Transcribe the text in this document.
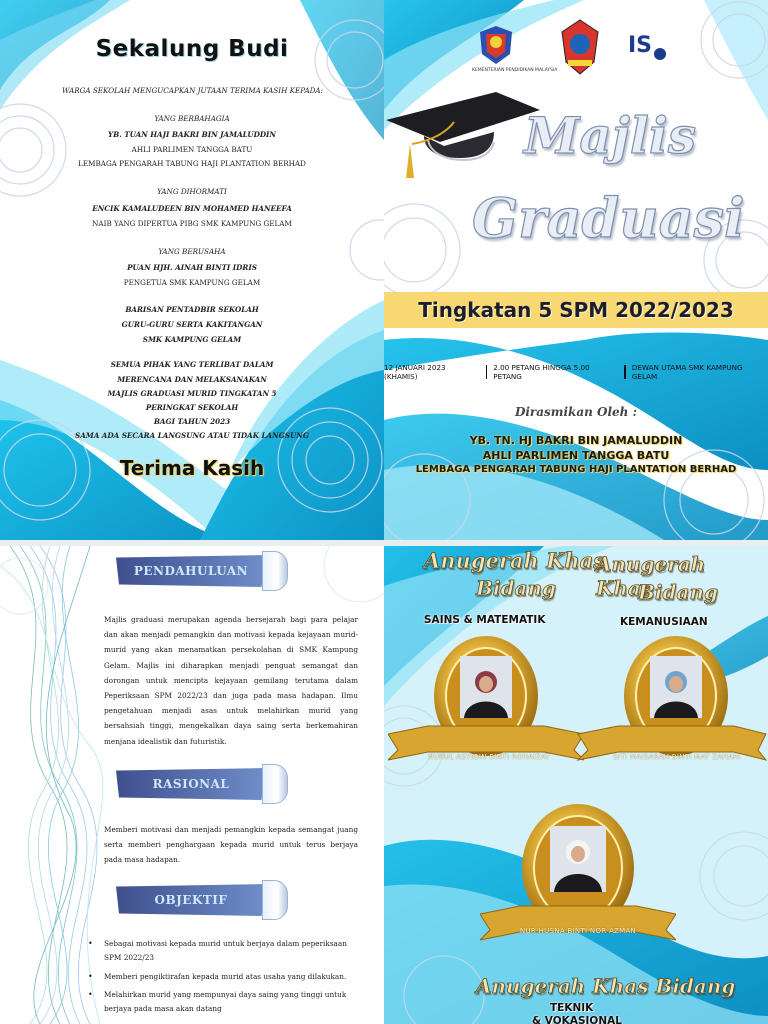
Sekalung Budi
WARGA SEKOLAH MENGUCAPKAN JUTAAN TERIMA KASIH KEPADA:
YANG BERBAHAGIA
YB. TUAN HAJI BAKRI BIN JAMALUDDIN
AHLI PARLIMEN TANGGA BATU
LEMBAGA PENGARAH TABUNG HAJI PLANTATION BERHAD
YANG DIHORMATI
ENCIK KAMALUDEEN BIN MOHAMED HANEEFA
NAIB YANG DIPERTUA PIBG SMK KAMPUNG GELAM
YANG BERUSAHA
PUAN HJH. AINAH BINTI IDRIS
PENGETUA SMK KAMPUNG GELAM
BARISAN PENTADBIR SEKOLAH
GURU-GURU SERTA KAKITANGAN
SMK KAMPUNG GELAM
SEMUA PIHAK YANG TERLIBAT DALAM
MERENCANA DAN MELAKSANAKAN
MAJLIS GRADUASI MURID TINGKATAN 5
PERINGKAT SEKOLAH
BAGI TAHUN 2023
SAMA ADA SECARA LANGSUNG ATAU TIDAK LANGSUNG
Terima Kasih
KEMENTERIAN PENDIDIKAN MALAYSIA
IS
Majlis
Graduasi
Tingkatan 5 SPM 2022/2023
12 JANUARI 2023 (KHAMIS)
2.00 PETANG HINGGA 5.00 PETANG
DEWAN UTAMA SMK KAMPUNG GELAM
Dirasmikan Oleh :
YB. TN. HJ BAKRI BIN JAMALUDDIN
AHLI PARLIMEN TANGGA BATU
LEMBAGA PENGARAH TABUNG HAJI PLANTATION BERHAD
PENDAHULUAN
Majlis graduasi merupakan agenda bersejarah bagi para pelajar dan akan menjadi pemangkin dan motivasi kepada kejayaan murid-murid yang akan menamatkan persekolahan di SMK Kampung Gelam. Majlis ini diharapkan menjadi penguat semangat dan dorongan untuk mencipta kejayaan gemilang terutama dalam Peperiksaan SPM 2022/23 dan juga pada masa hadapan. Ilmu pengetahuan menjadi asas untuk melahirkan murid yang bersahsiah tinggi, mengekalkan daya saing serta berkemahiran menjana idealistik dan futuristik.
RASIONAL
Memberi motivasi dan menjadi pemangkin kepada semangat juang serta memberi penghargaan kepada murid untuk terus berjaya pada masa hadapan.
OBJEKTIF
• Sebagai motivasi kepada murid untuk berjaya dalam peperiksaan SPM 2022/23
• Memberi pengiktirafan kepada murid atas usaha yang dilakukan.
• Melahirkan murid yang mempunyai daya saing yang tinggi untuk berjaya pada masa akan datang
Anugerah Khas
Bidang
SAINS & MATEMATIK
Anugerah Khas
Bidang
KEMANUSIAAN
NURUL ASYIQIN BINTI ROHAIZAT	SITI MAISARAH BINTI MAT ZAHARI
NUR HUSNA BINTI NOR AZMAN
Anugerah Khas Bidang
TEKNIK
& VOKASIONAL
